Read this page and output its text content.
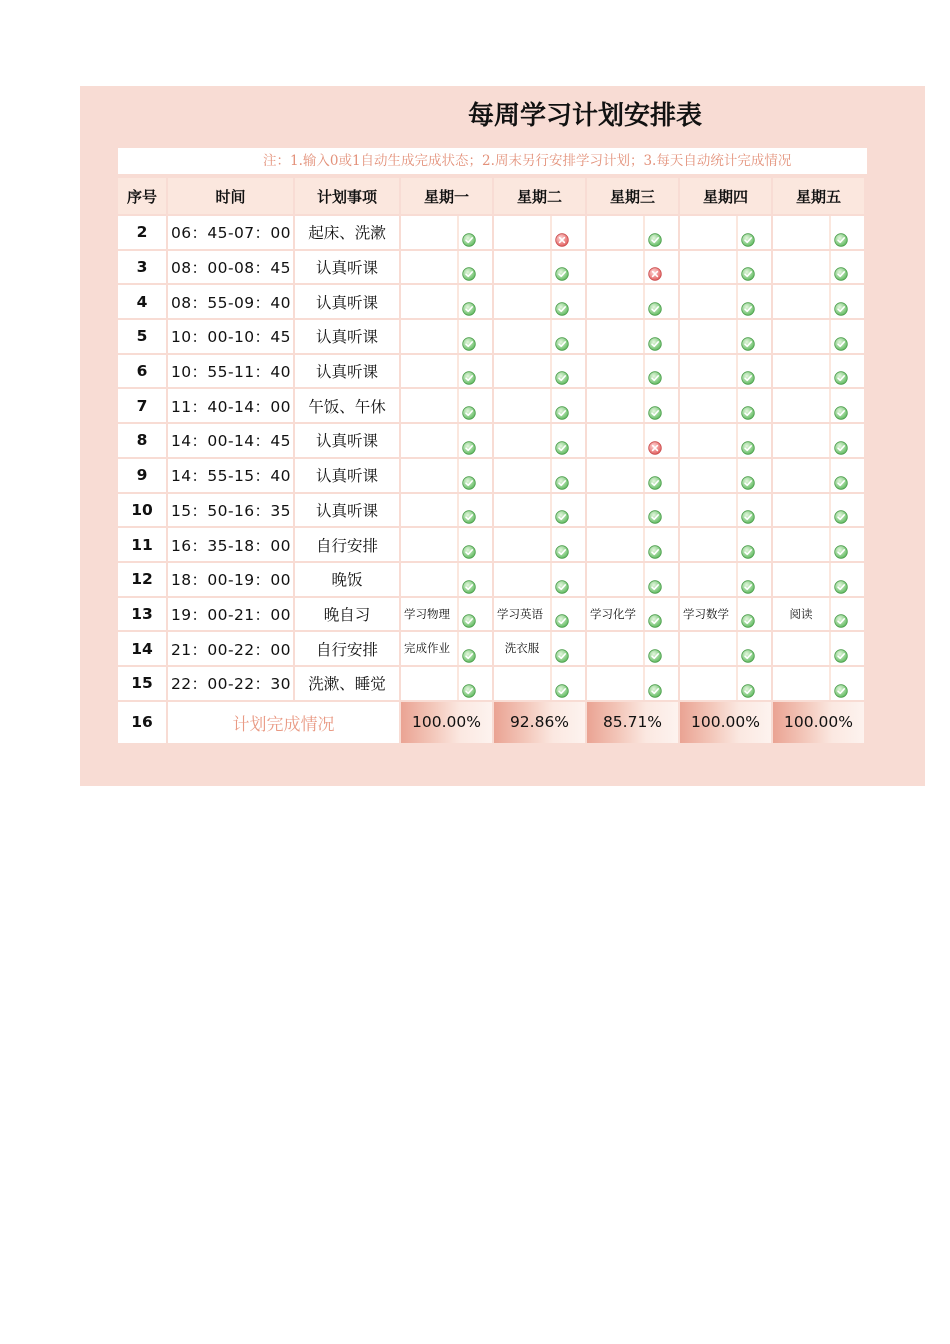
每周学习计划安排表
注：1.输入0或1自动生成完成状态；2.周末另行安排学习计划；3.每天自动统计完成情况
序号	时间	计划事项	星期一	星期二	星期三	星期四	星期五
2	06：45-07：00	起床、洗漱	

3	08：00-08：45	认真听课	

4	08：55-09：40	认真听课	

5	10：00-10：45	认真听课	

6	10：55-11：40	认真听课	

7	11：40-14：00	午饭、午休	

8	14：00-14：45	认真听课	

9	14：55-15：40	认真听课	

10	15：50-16：35	认真听课	

11	16：35-18：00	自行安排	

12	18：00-19：00	晚饭	

13	19：00-21：00	晚自习	学习物理	学习英语	学习化学	学习数学	阅读

14	21：00-22：00	自行安排	完成作业	洗衣服

15	22：00-22：30	洗漱、睡觉	

16	计划完成情况		100.00%	92.86%	85.71%	100.00%	100.00%
